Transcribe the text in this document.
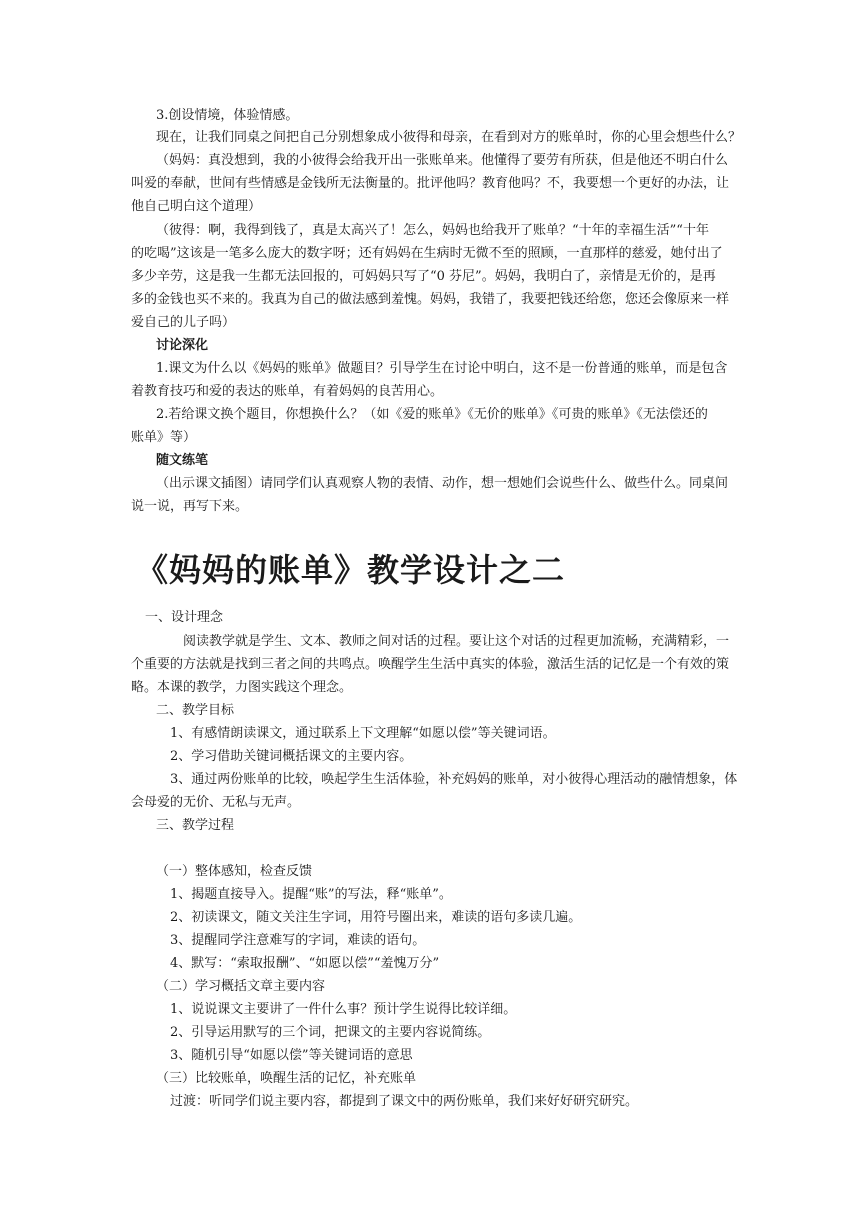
3.创设情境，体验情感。

现在，让我们同桌之间把自己分别想象成小彼得和母亲，在看到对方的账单时，你的心里会想些什么？

（妈妈：真没想到，我的小彼得会给我开出一张账单来。他懂得了要劳有所获，但是他还不明白什么

叫爱的奉献，世间有些情感是金钱所无法衡量的。批评他吗？教育他吗？不，我要想一个更好的办法，让

他自己明白这个道理）

（彼得：啊，我得到钱了，真是太高兴了！怎么，妈妈也给我开了账单？“十年的幸福生活”“十年

的吃喝”这该是一笔多么庞大的数字呀；还有妈妈在生病时无微不至的照顾，一直那样的慈爱，她付出了

多少辛劳，这是我一生都无法回报的，可妈妈只写了“0 芬尼”。妈妈，我明白了，亲情是无价的，是再

多的金钱也买不来的。我真为自己的做法感到羞愧。妈妈，我错了，我要把钱还给您，您还会像原来一样

爱自己的儿子吗）

讨论深化

1.课文为什么以《妈妈的账单》做题目？引导学生在讨论中明白，这不是一份普通的账单，而是包含

着教育技巧和爱的表达的账单，有着妈妈的良苦用心。

2.若给课文换个题目，你想换什么？（如《爱的账单》《无价的账单》《可贵的账单》《无法偿还的

账单》等）

随文练笔

（出示课文插图）请同学们认真观察人物的表情、动作，想一想她们会说些什么、做些什么。同桌间

说一说，再写下来。

《妈妈的账单》教学设计之二

一、设计理念

阅读教学就是学生、文本、教师之间对话的过程。要让这个对话的过程更加流畅，充满精彩，一

个重要的方法就是找到三者之间的共鸣点。唤醒学生生活中真实的体验，激活生活的记忆是一个有效的策

略。本课的教学，力图实践这个理念。

二、教学目标

1、有感情朗读课文，通过联系上下文理解“如愿以偿”等关键词语。

2、学习借助关键词概括课文的主要内容。

3、通过两份账单的比较，唤起学生生活体验，补充妈妈的账单，对小彼得心理活动的融情想象，体

会母爱的无价、无私与无声。

三、教学过程

（一）整体感知，检查反馈

1、揭题直接导入。提醒“账”的写法，释“账单”。

2、初读课文，随文关注生字词，用符号圈出来，难读的语句多读几遍。

3、提醒同学注意难写的字词，难读的语句。

4、默写：“索取报酬”、“如愿以偿”“羞愧万分”

（二）学习概括文章主要内容

1、说说课文主要讲了一件什么事？预计学生说得比较详细。

2、引导运用默写的三个词，把课文的主要内容说简练。

3、随机引导“如愿以偿”等关键词语的意思

（三）比较账单，唤醒生活的记忆，补充账单

过渡：听同学们说主要内容，都提到了课文中的两份账单，我们来好好研究研究。
